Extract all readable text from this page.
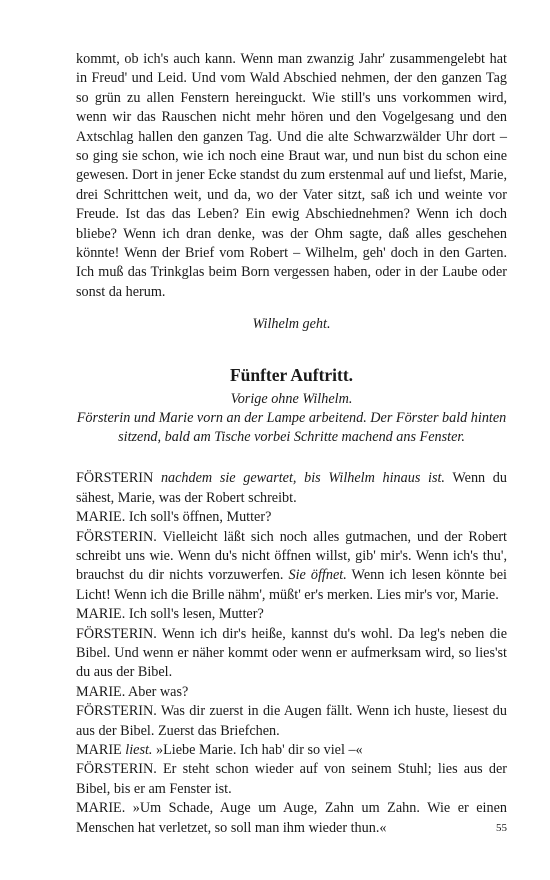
kommt, ob ich's auch kann. Wenn man zwanzig Jahr' zusammengelebt hat in Freud' und Leid. Und vom Wald Abschied nehmen, der den ganzen Tag so grün zu allen Fenstern hereinguckt. Wie still's uns vorkommen wird, wenn wir das Rauschen nicht mehr hören und den Vogelgesang und den Axtschlag hallen den ganzen Tag. Und die alte Schwarzwälder Uhr dort – so ging sie schon, wie ich noch eine Braut war, und nun bist du schon eine gewesen. Dort in jener Ecke standst du zum erstenmal auf und liefst, Marie, drei Schrittchen weit, und da, wo der Vater sitzt, saß ich und weinte vor Freude. Ist das das Leben? Ein ewig Abschiednehmen? Wenn ich doch bliebe? Wenn ich dran denke, was der Ohm sagte, daß alles geschehen könnte! Wenn der Brief vom Robert – Wilhelm, geh' doch in den Garten. Ich muß das Trinkglas beim Born vergessen haben, oder in der Laube oder sonst da herum.

Wilhelm geht.

Fünfter Auftritt.

Vorige ohne Wilhelm.

Försterin und Marie vorn an der Lampe arbeitend. Der Förster bald hinten sitzend, bald am Tische vorbei Schritte machend ans Fenster.

FÖRSTERIN nachdem sie gewartet, bis Wilhelm hinaus ist. Wenn du sähest, Marie, was der Robert schreibt.

MARIE. Ich soll's öffnen, Mutter?

FÖRSTERIN. Vielleicht läßt sich noch alles gutmachen, und der Robert schreibt uns wie. Wenn du's nicht öffnen willst, gib' mir's. Wenn ich's thu', brauchst du dir nichts vorzuwerfen. Sie öffnet. Wenn ich lesen könnte bei Licht! Wenn ich die Brille nähm', müßt' er's merken. Lies mir's vor, Marie.

MARIE. Ich soll's lesen, Mutter?

FÖRSTERIN. Wenn ich dir's heiße, kannst du's wohl. Da leg's neben die Bibel. Und wenn er näher kommt oder wenn er aufmerksam wird, so lies'st du aus der Bibel.

MARIE. Aber was?

FÖRSTERIN. Was dir zuerst in die Augen fällt. Wenn ich huste, liesest du aus der Bibel. Zuerst das Briefchen.

MARIE liest. »Liebe Marie. Ich hab' dir so viel –«

FÖRSTERIN. Er steht schon wieder auf von seinem Stuhl; lies aus der Bibel, bis er am Fenster ist.

MARIE. »Um Schade, Auge um Auge, Zahn um Zahn. Wie er einen Menschen hat verletzet, so soll man ihm wieder thun.«	55
